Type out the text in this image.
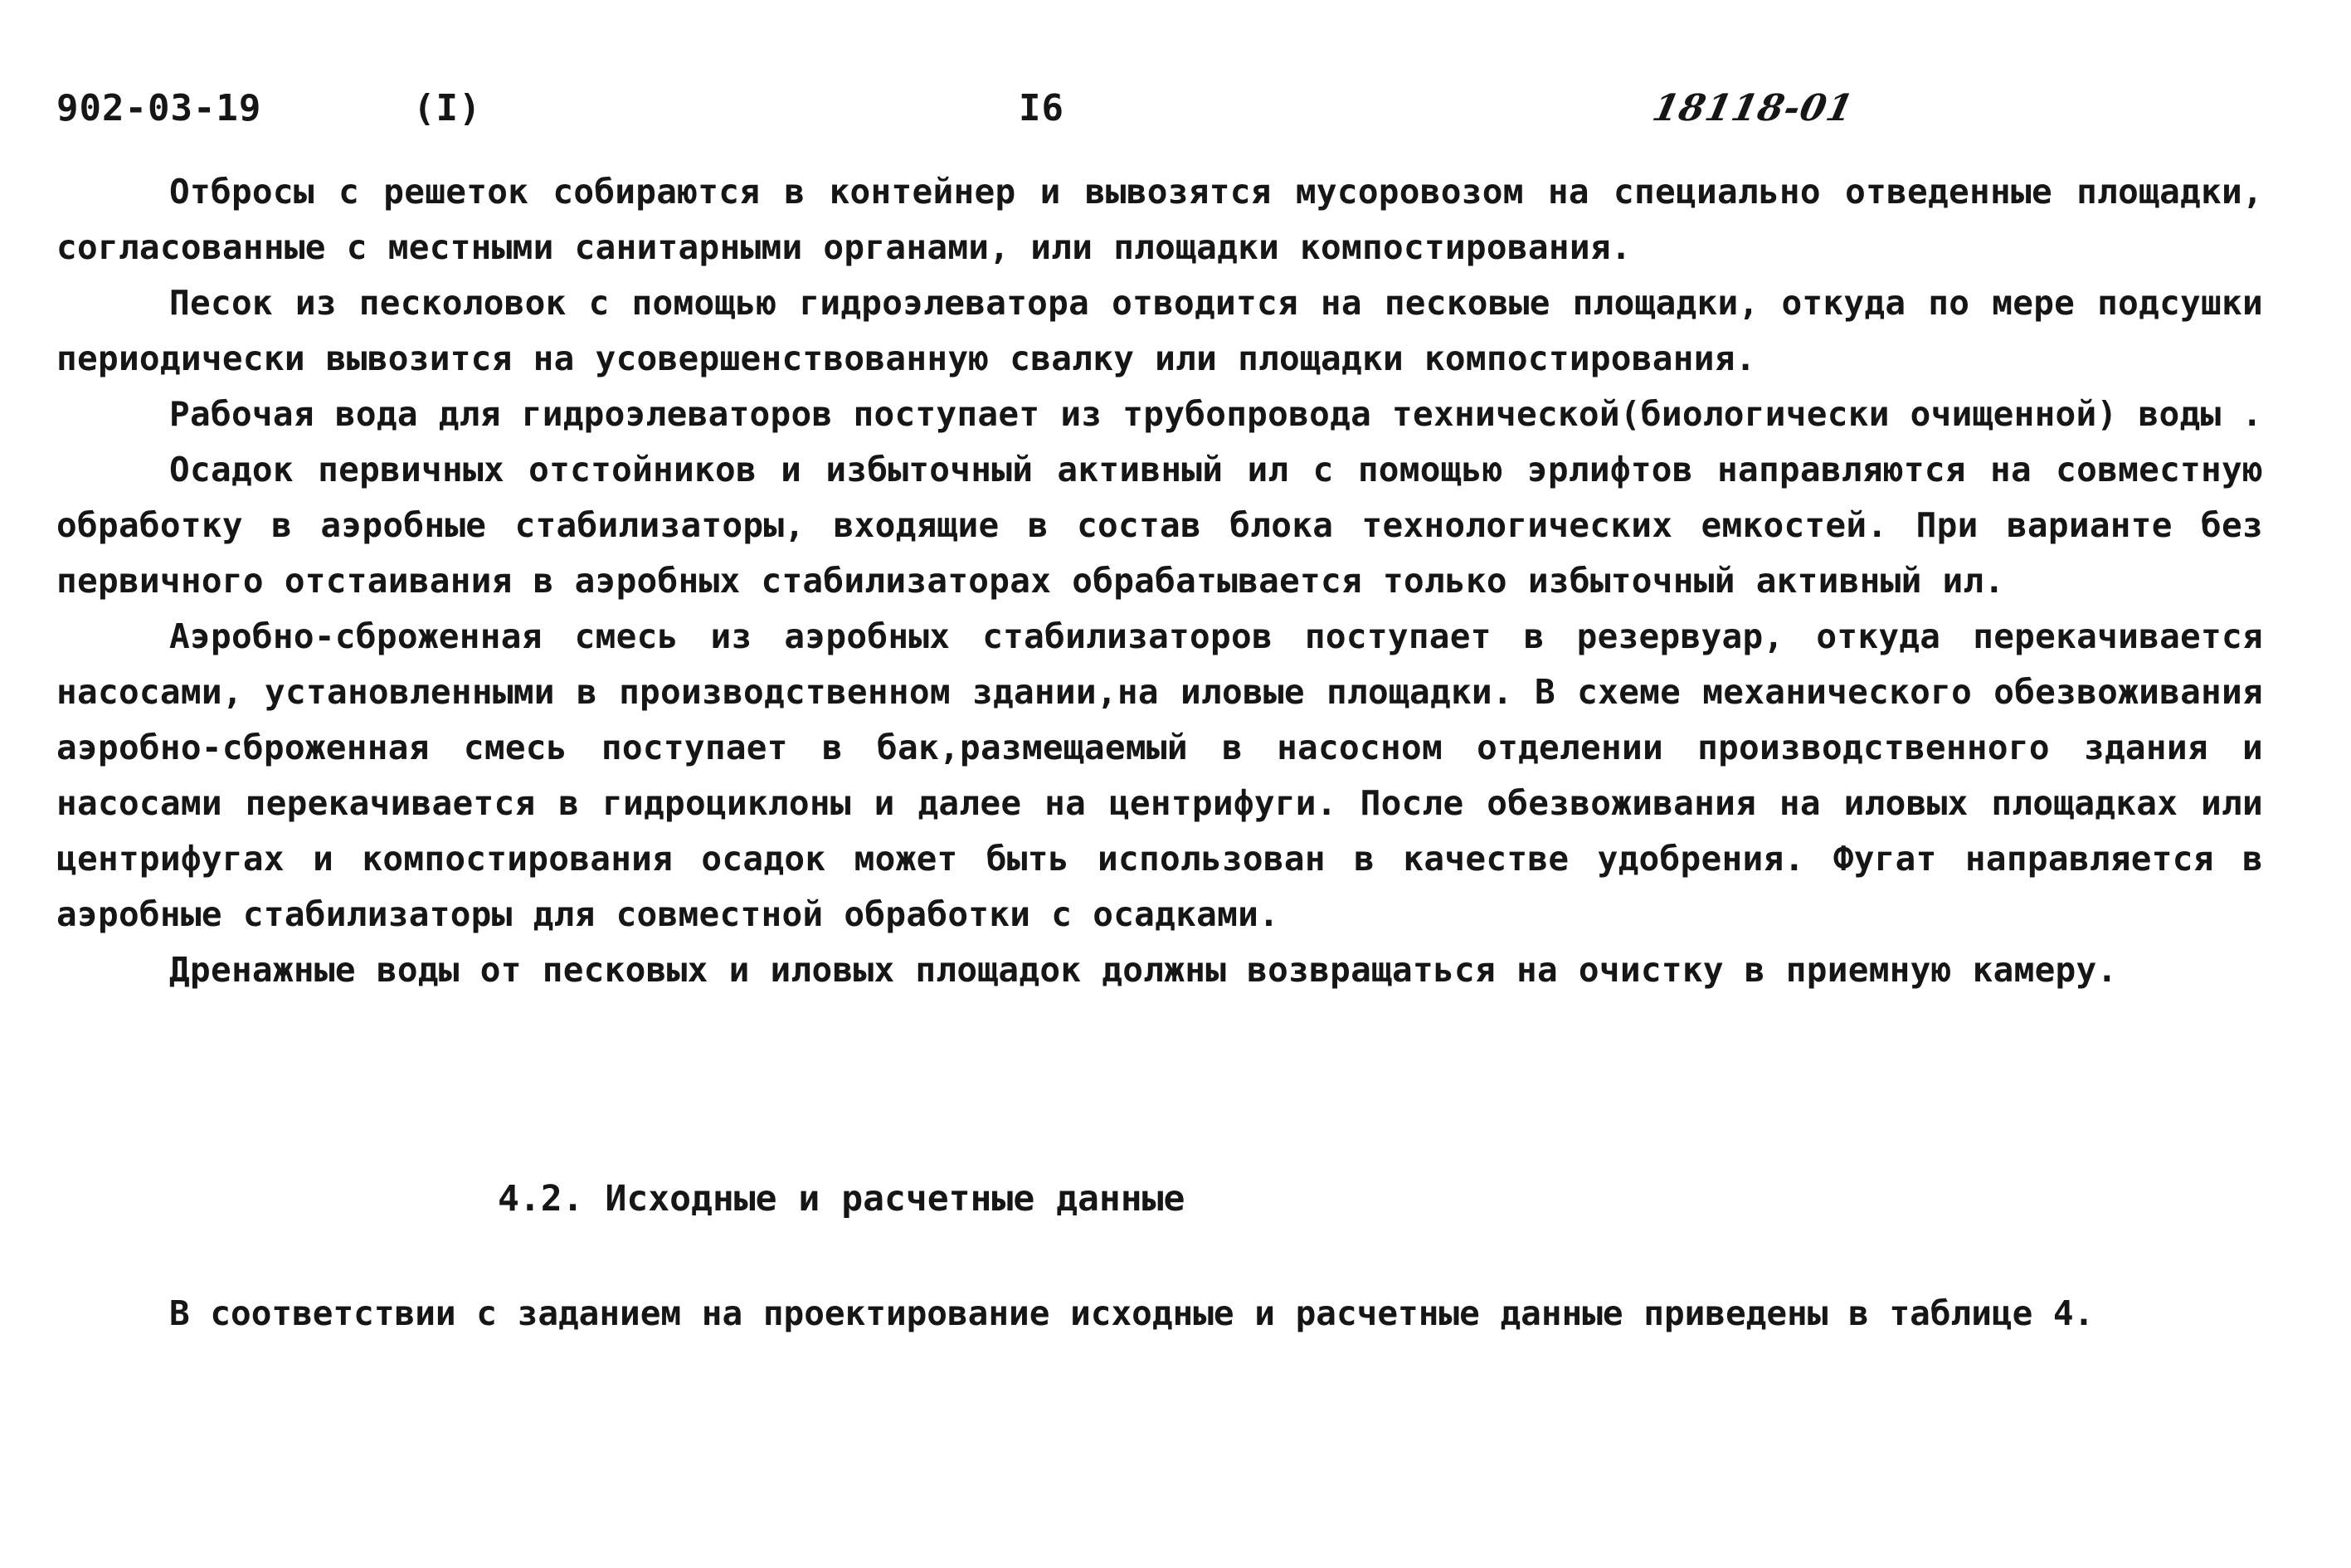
902-03-19	(I)	I6	18118-01

Отбросы с решеток собираются в контейнер и вывозятся мусоровозом на специально отведенные площадки, согласованные с местными санитарными органами, или площадки компостирования.

Песок из песколовок с помощью гидроэлеватора отводится на песковые площадки, откуда по мере подсушки периодически вывозится на усовершенствованную свалку или площадки компостирования.

Рабочая вода для гидроэлеваторов поступает из трубопровода технической(биологически очищенной) воды .

Осадок первичных отстойников и избыточный активный ил с помощью эрлифтов направляются на совместную обработку в аэробные стабилизаторы, входящие в состав блока технологических емкостей. При варианте без первичного отстаивания в аэробных стабилизаторах обрабатывается только избыточный активный ил.

Аэробно-сброженная смесь из аэробных стабилизаторов поступает в резервуар, откуда перекачивается насосами, установленными в производственном здании,на иловые площадки. В схеме механического обезвоживания аэробно-сброженная смесь поступает в бак,размещаемый в насосном отделении производственного здания и насосами перекачивается в гидроциклоны и далее на центрифуги. После обезвоживания на иловых площадках или центрифугах и компостирования осадок может быть использован в качестве удобрения. Фугат направляется в аэробные стабилизаторы для совместной обработки с осадками.

Дренажные воды от песковых и иловых площадок должны возвращаться на очистку в приемную камеру.

4.2. Исходные и расчетные данные

В соответствии с заданием на проектирование исходные и расчетные данные приведены в таблице 4.
